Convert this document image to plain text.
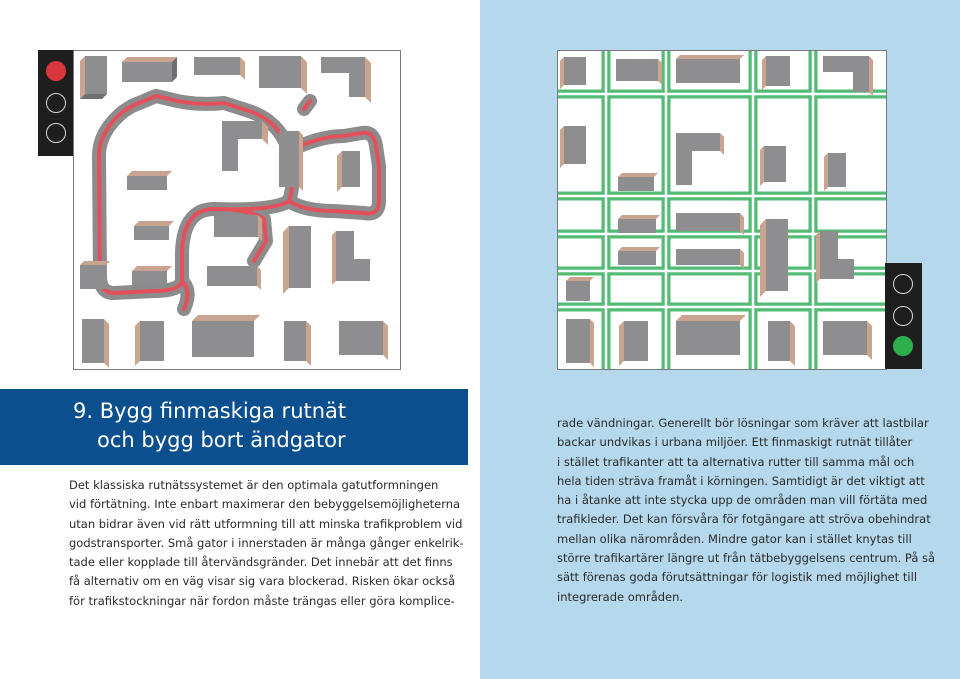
9. Bygg finmaskiga rutnät
och bygg bort ändgator

Det klassiska rutnätssystemet är den optimala gatutformningen

vid förtätning. Inte enbart maximerar den bebyggelsemöjligheterna

utan bidrar även vid rätt utformning till att minska trafikproblem vid

godstransporter. Små gator i innerstaden är många gånger enkelrik-

tade eller kopplade till återvändsgränder. Det innebär att det finns

få alternativ om en väg visar sig vara blockerad. Risken ökar också

för trafikstockningar när fordon måste trängas eller göra komplice-

rade vändningar. Generellt bör lösningar som kräver att lastbilar

backar undvikas i urbana miljöer. Ett finmaskigt rutnät tillåter

i stället trafikanter att ta alternativa rutter till samma mål och

hela tiden sträva framåt i körningen. Samtidigt är det viktigt att

ha i åtanke att inte stycka upp de områden man vill förtäta med

trafikleder. Det kan försvåra för fotgängare att ströva obehindrat

mellan olika närområden. Mindre gator kan i stället knytas till

större trafikartärer längre ut från tätbebyggelsens centrum. På så

sätt förenas goda förutsättningar för logistik med möjlighet till

integrerade områden.
